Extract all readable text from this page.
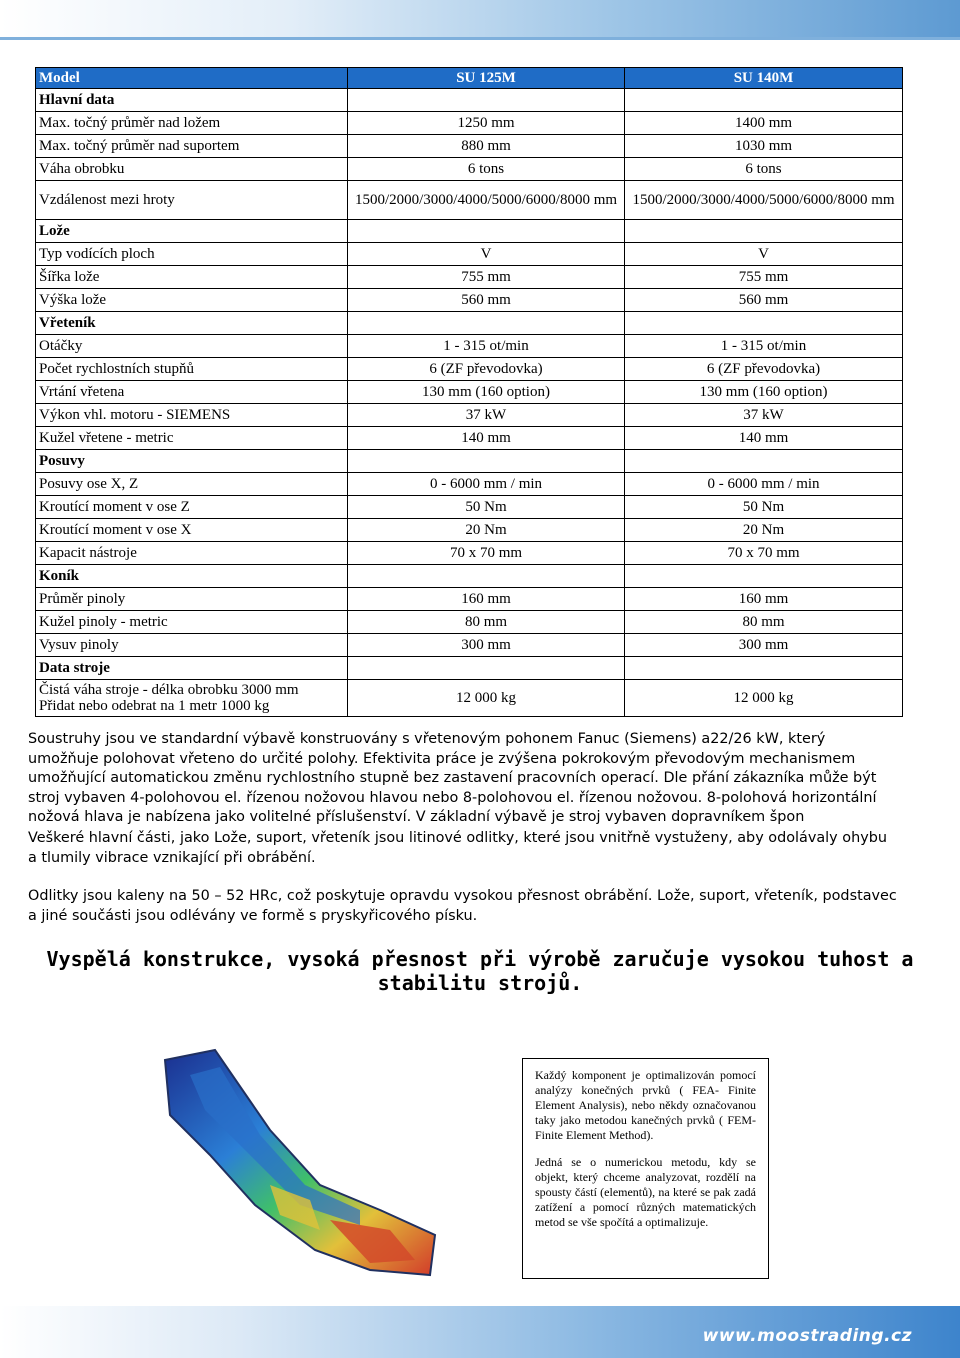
Model	SU 125M	SU 140M
Hlavní data		
Max. točný průměr nad ložem	1250 mm	1400 mm
Max. točný průměr nad suportem	880 mm	1030 mm
Váha obrobku	6 tons	6 tons
Vzdálenost mezi hroty	1500/2000/3000/4000/5000/6000/8000 mm	1500/2000/3000/4000/5000/6000/8000 mm
Lože		
Typ vodících ploch	V	V
Šířka lože	755 mm	755 mm
Výška lože	560 mm	560 mm
Vřeteník		
Otáčky	1 - 315 ot/min	1 - 315 ot/min
Počet rychlostních stupňů	6 (ZF převodovka)	6 (ZF převodovka)
Vrtání vřetena	130 mm (160 option)	130 mm (160 option)
Výkon vhl. motoru - SIEMENS	37 kW	37 kW
Kužel vřetene - metric	140 mm	140 mm
Posuvy		
Posuvy ose X, Z	0 - 6000 mm / min	0 - 6000 mm / min
Kroutící moment v ose Z	50 Nm	50 Nm
Kroutící moment v ose X	20 Nm	20 Nm
Kapacit nástroje	70 x 70 mm	70 x 70 mm
Koník		
Průměr pinoly	160 mm	160 mm
Kužel pinoly - metric	80 mm	80 mm
Vysuv pinoly	300 mm	300 mm
Data stroje		

Čistá váha stroje - délka obrobku 3000 mm
Přidat nebo odebrat na 1 metr 1000 kg	12 000 kg	12 000 kg

Soustruhy jsou ve standardní výbavě konstruovány s vřetenovým pohonem Fanuc (Siemens) a22/26 kW, který umožňuje polohovat vřeteno do určité polohy. Efektivita práce je zvýšena pokrokovým převodovým mechanismem umožňující automatickou změnu rychlostního stupně bez zastavení pracovních operací. Dle přání zákazníka může být stroj vybaven 4-polohovou el. řízenou nožovou hlavou nebo 8-polohovou el. řízenou nožovou. 8-polohová horizontální nožová hlava je nabízena jako volitelné příslušenství. V základní výbavě je stroj vybaven dopravníkem špon

Veškeré hlavní části, jako Lože, suport, vřeteník jsou litinové odlitky, které jsou vnitřně vystuženy, aby odolávaly ohybu a tlumily vibrace vznikající při obrábění.

Odlitky jsou kaleny na 50 – 52 HRc, což poskytuje opravdu vysokou přesnost obrábění. Lože, suport, vřeteník, podstavec a jiné součásti jsou odlévány ve formě s pryskyřicového písku.

Vyspělá konstrukce, vysoká přesnost při výrobě zaručuje vysokou tuhost a stabilitu strojů.

Každý komponent je optimalizován pomocí analýzy konečných prvků ( FEA- Finite Element Analysis), nebo někdy označovanou taky jako metodou kanečných prvků ( FEM- Finite Element Method).

Jedná se o numerickou metodu, kdy se objekt, který chceme analyzovat, rozdělí na spousty částí (elementů), na které se pak zadá zatížení a pomocí různých matematických metod se vše spočítá a optimalizuje.

www.moostrading.cz
